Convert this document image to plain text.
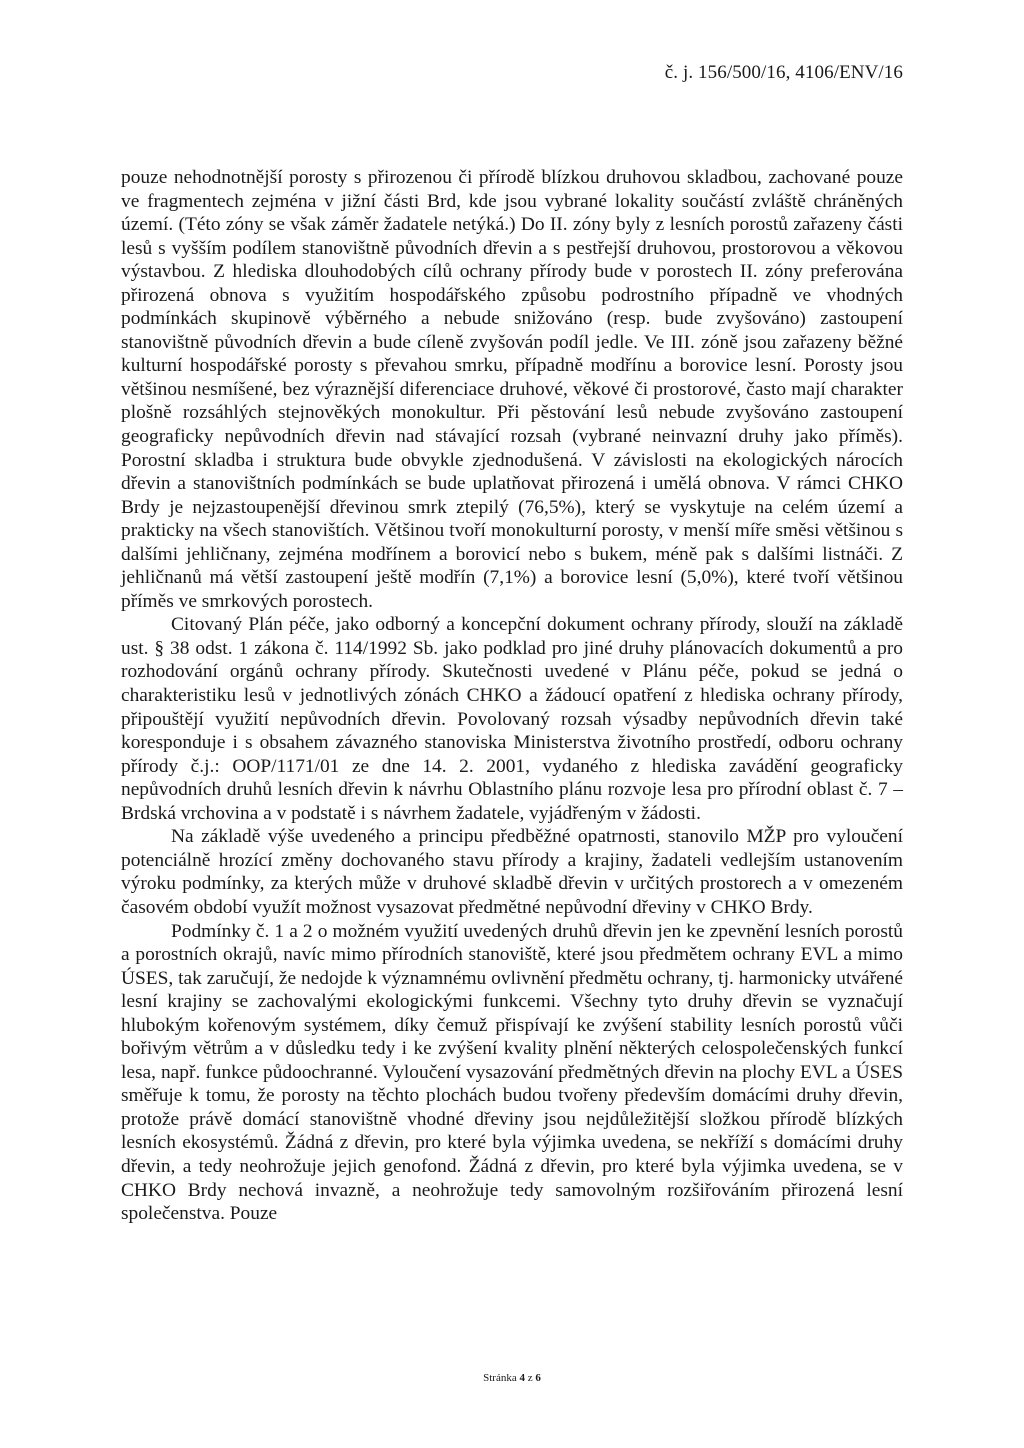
č. j. 156/500/16, 4106/ENV/16

pouze nehodnotnější porosty s přirozenou či přírodě blízkou druhovou skladbou, zachované pouze ve fragmentech zejména v jižní části Brd, kde jsou vybrané lokality součástí zvláště chráněných území. (Této zóny se však záměr žadatele netýká.) Do II. zóny byly z lesních porostů zařazeny části lesů s vyšším podílem stanovištně původních dřevin a s pestřejší druhovou, prostorovou a věkovou výstavbou. Z hlediska dlouhodobých cílů ochrany přírody bude v porostech II. zóny preferována přirozená obnova s využitím hospodářského způsobu podrostního případně ve vhodných podmínkách skupinově výběrného a nebude snižováno (resp. bude zvyšováno) zastoupení stanovištně původních dřevin a bude cíleně zvyšován podíl jedle. Ve III. zóně jsou zařazeny běžné kulturní hospodářské porosty s převahou smrku, případně modřínu a borovice lesní. Porosty jsou většinou nesmíšené, bez výraznější diferenciace druhové, věkové či prostorové, často mají charakter plošně rozsáhlých stejnověkých monokultur. Při pěstování lesů nebude zvyšováno zastoupení geograficky nepůvodních dřevin nad stávající rozsah (vybrané neinvazní druhy jako příměs). Porostní skladba i struktura bude obvykle zjednodušená. V závislosti na ekologických nárocích dřevin a stanovištních podmínkách se bude uplatňovat přirozená i umělá obnova. V rámci CHKO Brdy je nejzastoupenější dřevinou smrk ztepilý (76,5%), který se vyskytuje na celém území a prakticky na všech stanovištích. Většinou tvoří monokulturní porosty, v menší míře směsi většinou s dalšími jehličnany, zejména modřínem a borovicí nebo s bukem, méně pak s dalšími listnáči. Z jehličnanů má větší zastoupení ještě modřín (7,1%) a borovice lesní (5,0%), které tvoří většinou příměs ve smrkových porostech.

Citovaný Plán péče, jako odborný a koncepční dokument ochrany přírody, slouží na základě ust. § 38 odst. 1 zákona č. 114/1992 Sb. jako podklad pro jiné druhy plánovacích dokumentů a pro rozhodování orgánů ochrany přírody. Skutečnosti uvedené v Plánu péče, pokud se jedná o charakteristiku lesů v jednotlivých zónách CHKO a žádoucí opatření z hlediska ochrany přírody, připouštějí využití nepůvodních dřevin. Povolovaný rozsah výsadby nepůvodních dřevin také koresponduje i s obsahem závazného stanoviska Ministerstva životního prostředí, odboru ochrany přírody č.j.: OOP/1171/01 ze dne 14. 2. 2001, vydaného z hlediska zavádění geograficky nepůvodních druhů lesních dřevin k návrhu Oblastního plánu rozvoje lesa pro přírodní oblast č. 7 – Brdská vrchovina a v podstatě i s návrhem žadatele, vyjádřeným v žádosti.

Na základě výše uvedeného a principu předběžné opatrnosti, stanovilo MŽP pro vyloučení potenciálně hrozící změny dochovaného stavu přírody a krajiny, žadateli vedlejším ustanovením výroku podmínky, za kterých může v druhové skladbě dřevin v určitých prostorech a v omezeném časovém období využít možnost vysazovat předmětné nepůvodní dřeviny v CHKO Brdy.

Podmínky č. 1 a 2 o možném využití uvedených druhů dřevin jen ke zpevnění lesních porostů a porostních okrajů, navíc mimo přírodních stanoviště, které jsou předmětem ochrany EVL a mimo ÚSES, tak zaručují, že nedojde k významnému ovlivnění předmětu ochrany, tj. harmonicky utvářené lesní krajiny se zachovalými ekologickými funkcemi. Všechny tyto druhy dřevin se vyznačují hlubokým kořenovým systémem, díky čemuž přispívají ke zvýšení stability lesních porostů vůči bořivým větrům a v důsledku tedy i ke zvýšení kvality plnění některých celospolečenských funkcí lesa, např. funkce půdoochranné. Vyloučení vysazování předmětných dřevin na plochy EVL a ÚSES směřuje k tomu, že porosty na těchto plochách budou tvořeny především domácími druhy dřevin, protože právě domácí stanovištně vhodné dřeviny jsou nejdůležitější složkou přírodě blízkých lesních ekosystémů. Žádná z dřevin, pro které byla výjimka uvedena, se nekříží s domácími druhy dřevin, a tedy neohrožuje jejich genofond. Žádná z dřevin, pro které byla výjimka uvedena, se v CHKO Brdy nechová invazně, a neohrožuje tedy samovolným rozšiřováním přirozená lesní společenstva. Pouze

Stránka 4 z 6
